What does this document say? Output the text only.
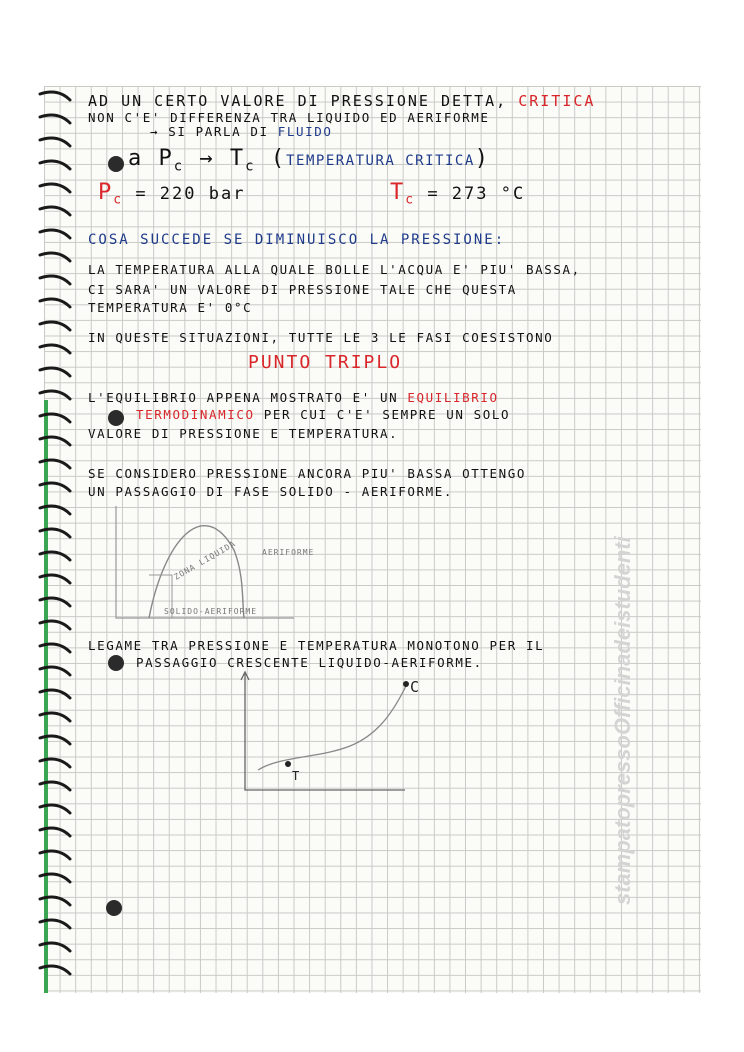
stampatopressoOfficinadeistudenti
AD UN CERTO VALORE DI PRESSIONE DETTA, CRITICA
NON C'E' DIFFERENZA TRA LIQUIDO ED AERIFORME
→ SI PARLA DI FLUIDO
a $P_c \to T_c$ (TEMPERATURA CRITICA)
$P_c = 220$ bar	$T_c = 273$ °C
COSA SUCCEDE SE DIMINUISCO LA PRESSIONE:
LA TEMPERATURA ALLA QUALE BOLLE L'ACQUA E' PIU' BASSA,
CI SARA' UN VALORE DI PRESSIONE TALE CHE QUESTA
TEMPERATURA E' 0°C
IN QUESTE SITUAZIONI, TUTTE LE 3 LE FASI COESISTONO
PUNTO TRIPLO
L'EQUILIBRIO APPENA MOSTRATO E' UN EQUILIBRIO
TERMODINAMICO PER CUI C'E' SEMPRE UN SOLO
VALORE DI PRESSIONE E TEMPERATURA.
SE CONSIDERO PRESSIONE ANCORA PIU' BASSA OTTENGO
UN PASSAGGIO DI FASE SOLIDO - AERIFORME.
ZONA LIQUIDA	AERIFORME
SOLIDO-AERIFORME
LEGAME TRA PRESSIONE E TEMPERATURA MONOTONO PER IL
PASSAGGIO CRESCENTE LIQUIDO-AERIFORME.
C
T
